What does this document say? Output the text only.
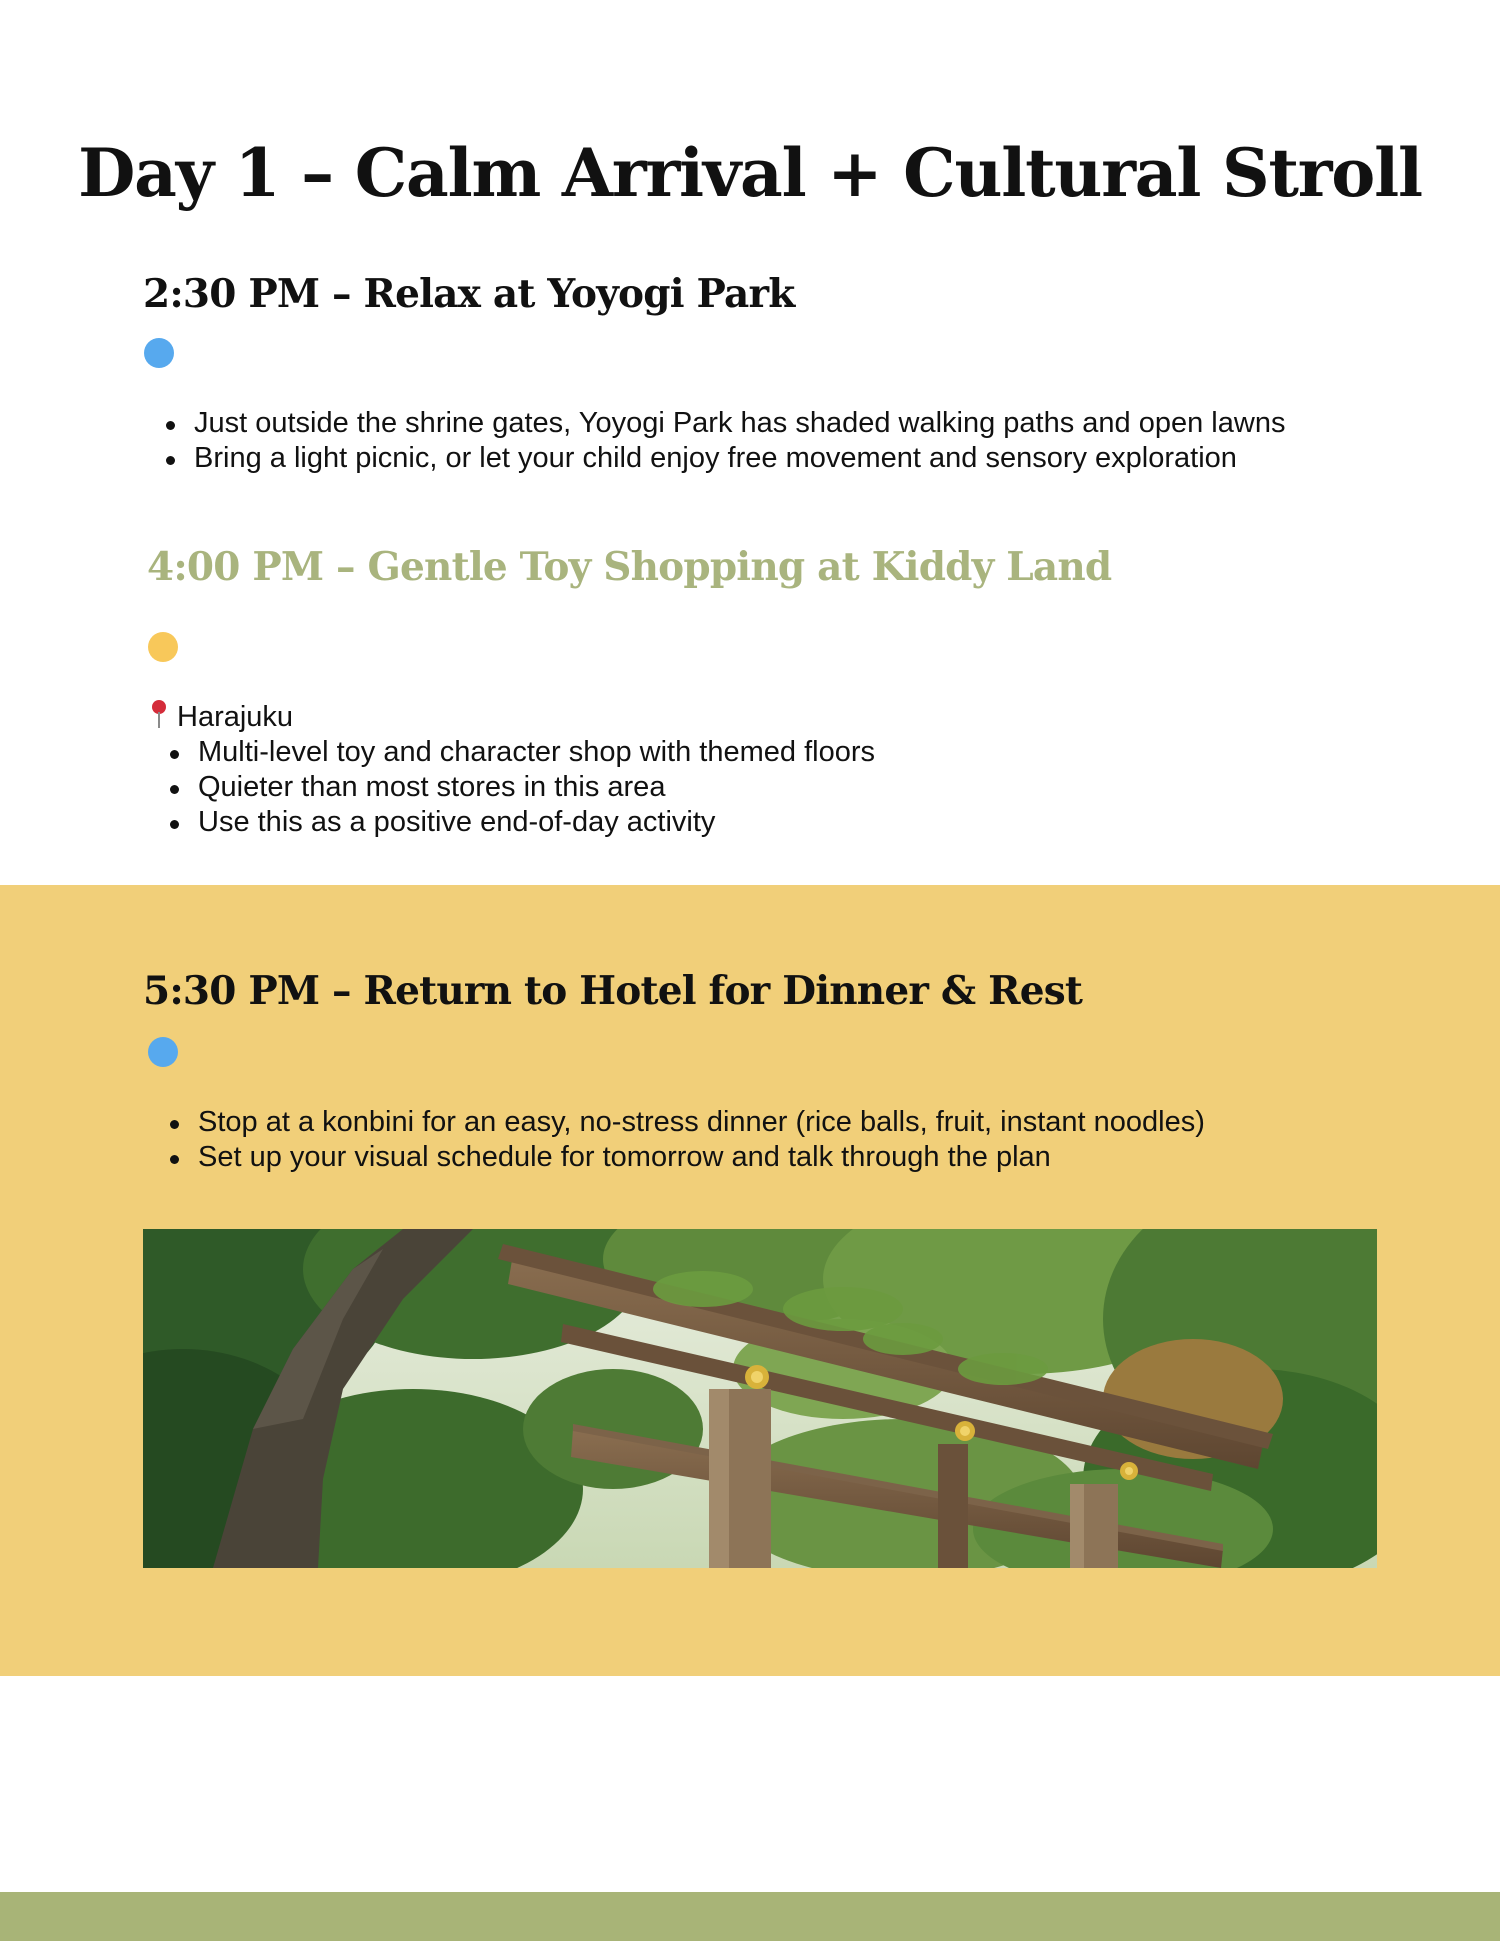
Day 1 – Calm Arrival + Cultural Stroll
2:30 PM – Relax at Yoyogi Park
Just outside the shrine gates, Yoyogi Park has shaded walking paths and open lawns
Bring a light picnic, or let your child enjoy free movement and sensory exploration
4:00 PM – Gentle Toy Shopping at Kiddy Land
Harajuku
Multi-level toy and character shop with themed floors
Quieter than most stores in this area
Use this as a positive end-of-day activity
5:30 PM – Return to Hotel for Dinner & Rest
Stop at a konbini for an easy, no-stress dinner (rice balls, fruit, instant noodles)
Set up your visual schedule for tomorrow and talk through the plan
